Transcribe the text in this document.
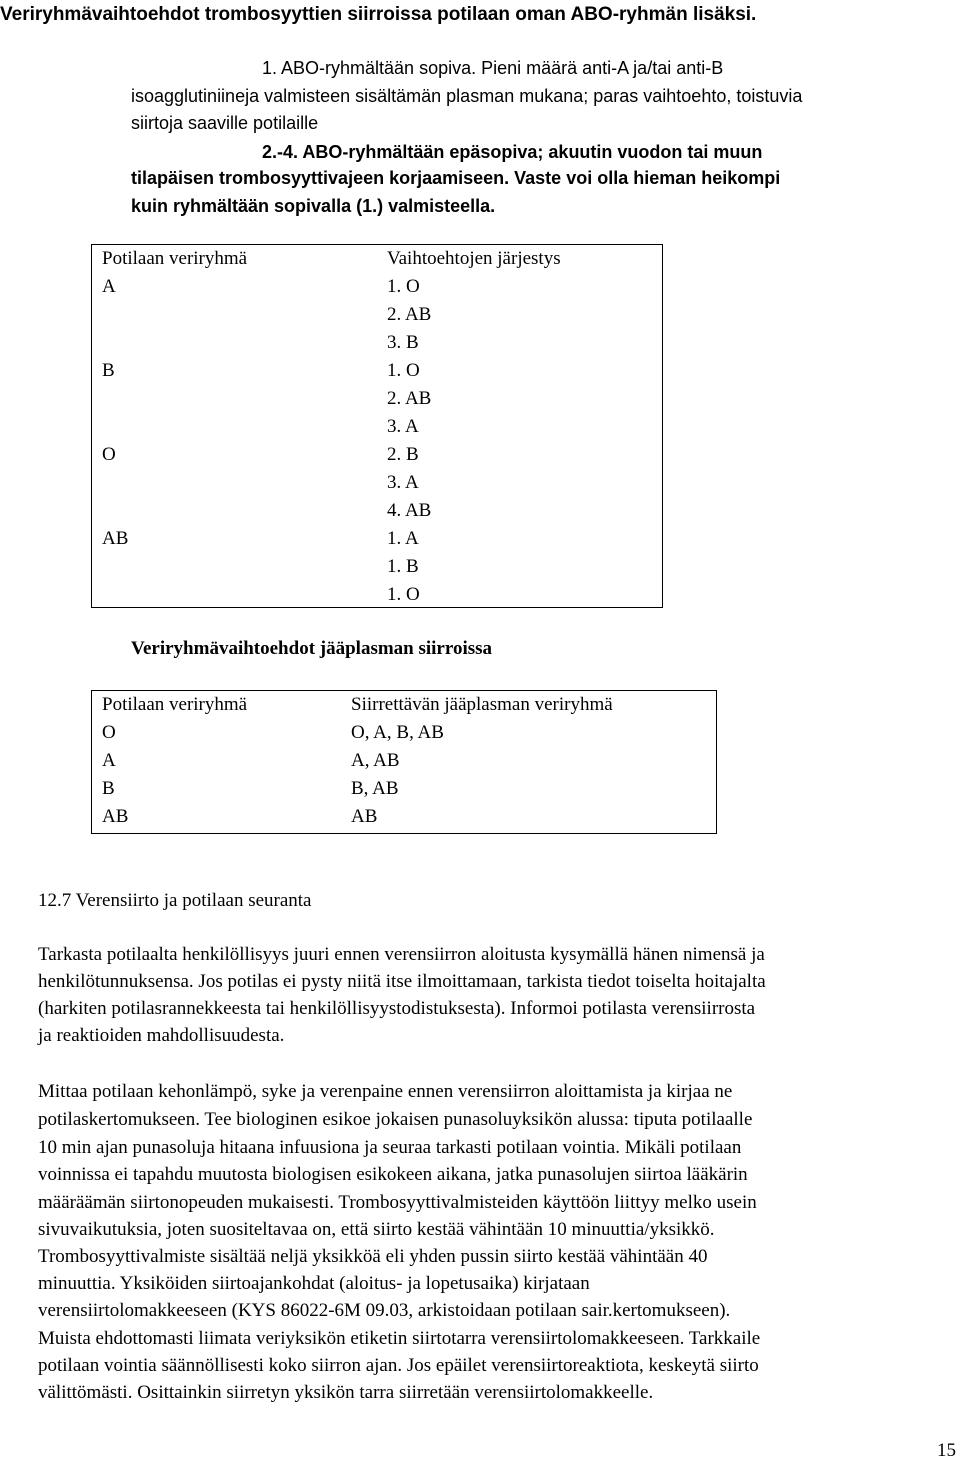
Veriryhmävaihtoehdot trombosyyttien siirroissa potilaan oman ABO-ryhmän lisäksi.
1. ABO-ryhmältään sopiva. Pieni määrä anti-A ja/tai anti-B
isoagglutiniineja valmisteen sisältämän plasman mukana; paras vaihtoehto, toistuvia
siirtoja saaville potilaille
2.-4. ABO-ryhmältään epäsopiva; akuutin vuodon tai muun
tilapäisen trombosyyttivajeen korjaamiseen. Vaste voi olla hieman heikompi
kuin ryhmältään sopivalla (1.) valmisteella.
Potilaan veriryhmä
A
B
O
AB
Vaihtoehtojen järjestys
1. O
2. AB
3. B
1. O
2. AB
3. A
2. B
3. A
4. AB
1. A
1. B
1. O
Veriryhmävaihtoehdot jääplasman siirroissa
Potilaan veriryhmä
O
A
B
AB
Siirrettävän jääplasman veriryhmä
O, A, B, AB
A, AB
B, AB
AB
12.7 Verensiirto ja potilaan seuranta
Tarkasta potilaalta henkilöllisyys juuri ennen verensiirron aloitusta kysymällä hänen nimensä ja
henkilötunnuksensa. Jos potilas ei pysty niitä itse ilmoittamaan, tarkista tiedot toiselta hoitajalta
(harkiten potilasrannekkeesta tai henkilöllisyystodistuksesta). Informoi potilasta verensiirrosta
ja reaktioiden mahdollisuudesta.
Mittaa potilaan kehonlämpö, syke ja verenpaine ennen verensiirron aloittamista ja kirjaa ne
potilaskertomukseen. Tee biologinen esikoe jokaisen punasoluyksikön alussa: tiputa potilaalle
10 min ajan punasoluja hitaana infuusiona ja seuraa tarkasti potilaan vointia. Mikäli potilaan
voinnissa ei tapahdu muutosta biologisen esikokeen aikana, jatka punasolujen siirtoa lääkärin
määräämän siirtonopeuden mukaisesti. Trombosyyttivalmisteiden käyttöön liittyy melko usein
sivuvaikutuksia, joten suositeltavaa on, että siirto kestää vähintään 10 minuuttia/yksikkö.
Trombosyyttivalmiste sisältää neljä yksikköä eli yhden pussin siirto kestää vähintään 40
minuuttia. Yksiköiden siirtoajankohdat (aloitus- ja lopetusaika) kirjataan
verensiirtolomakkeeseen (KYS 86022-6M 09.03, arkistoidaan potilaan sair.kertomukseen).
Muista ehdottomasti liimata veriyksikön etiketin siirtotarra verensiirtolomakkeeseen. Tarkkaile
potilaan vointia säännöllisesti koko siirron ajan. Jos epäilet verensiirtoreaktiota, keskeytä siirto
välittömästi. Osittainkin siirretyn yksikön tarra siirretään verensiirtolomakkeelle.
15
